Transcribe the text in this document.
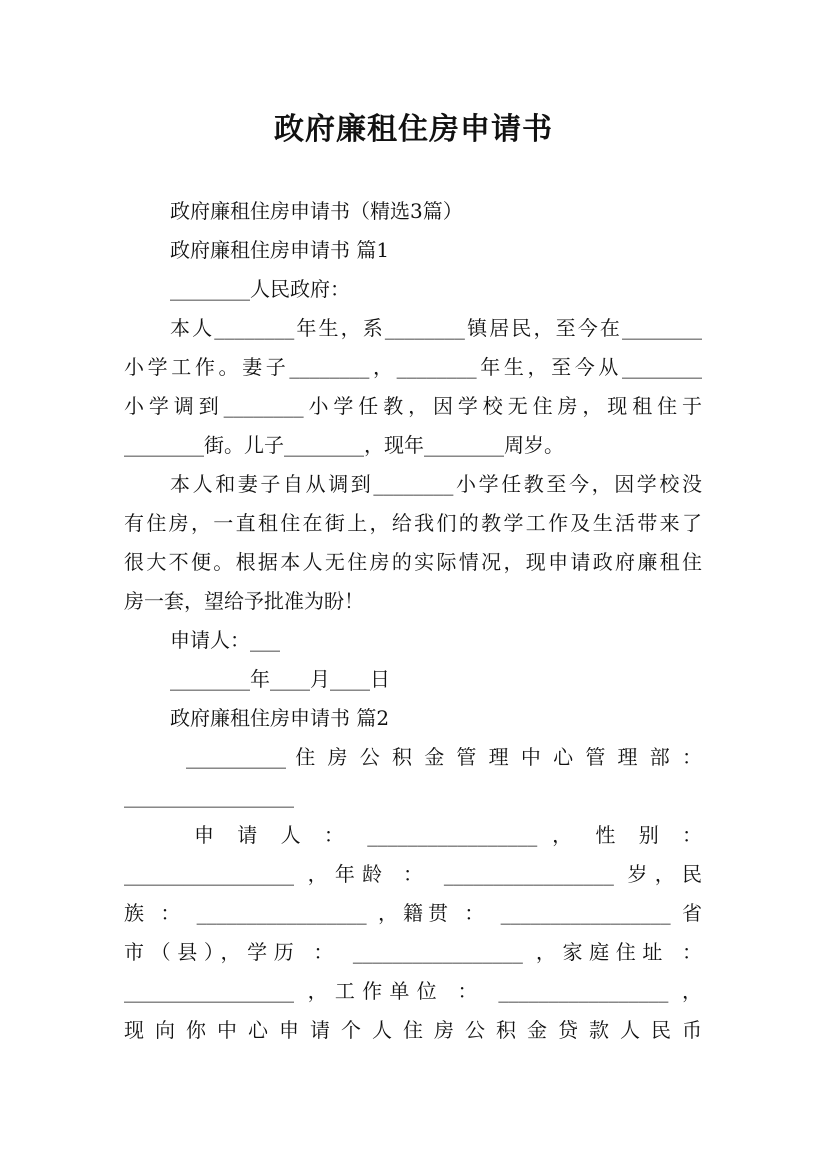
政府廉租住房申请书
政府廉租住房申请书（精选3篇）
政府廉租住房申请书 篇1
________人民政府：
本人________年生，系________镇居民，至今在________
小学工作。妻子________，________年生，至今从________
小学调到________小学任教，因学校无住房，现租住于
________街。儿子________，现年________周岁。
本人和妻子自从调到________小学任教至今，因学校没
有住房，一直租住在街上，给我们的教学工作及生活带来了
很大不便。根据本人无住房的实际情况，现申请政府廉租住
房一套，望给予批准为盼！
申请人：___
________年____月____日
政府廉租住房申请书 篇2
__________ 住 房 公 积 金 管 理 中 心 管 理 部 ：
_________________
申 请 人 ： _________________ ， 性 别 ：
_________________ ，年龄 ： _________________ 岁，民
族 ： _________________ ，籍贯 ： _________________ 省
市（县），学历 ： _________________ ，家庭住址 ：
_________________ ，工作单位 ： _________________ ，
现 向 你 中 心 申 请 个 人 住 房 公 积 金 贷 款 人 民 币
